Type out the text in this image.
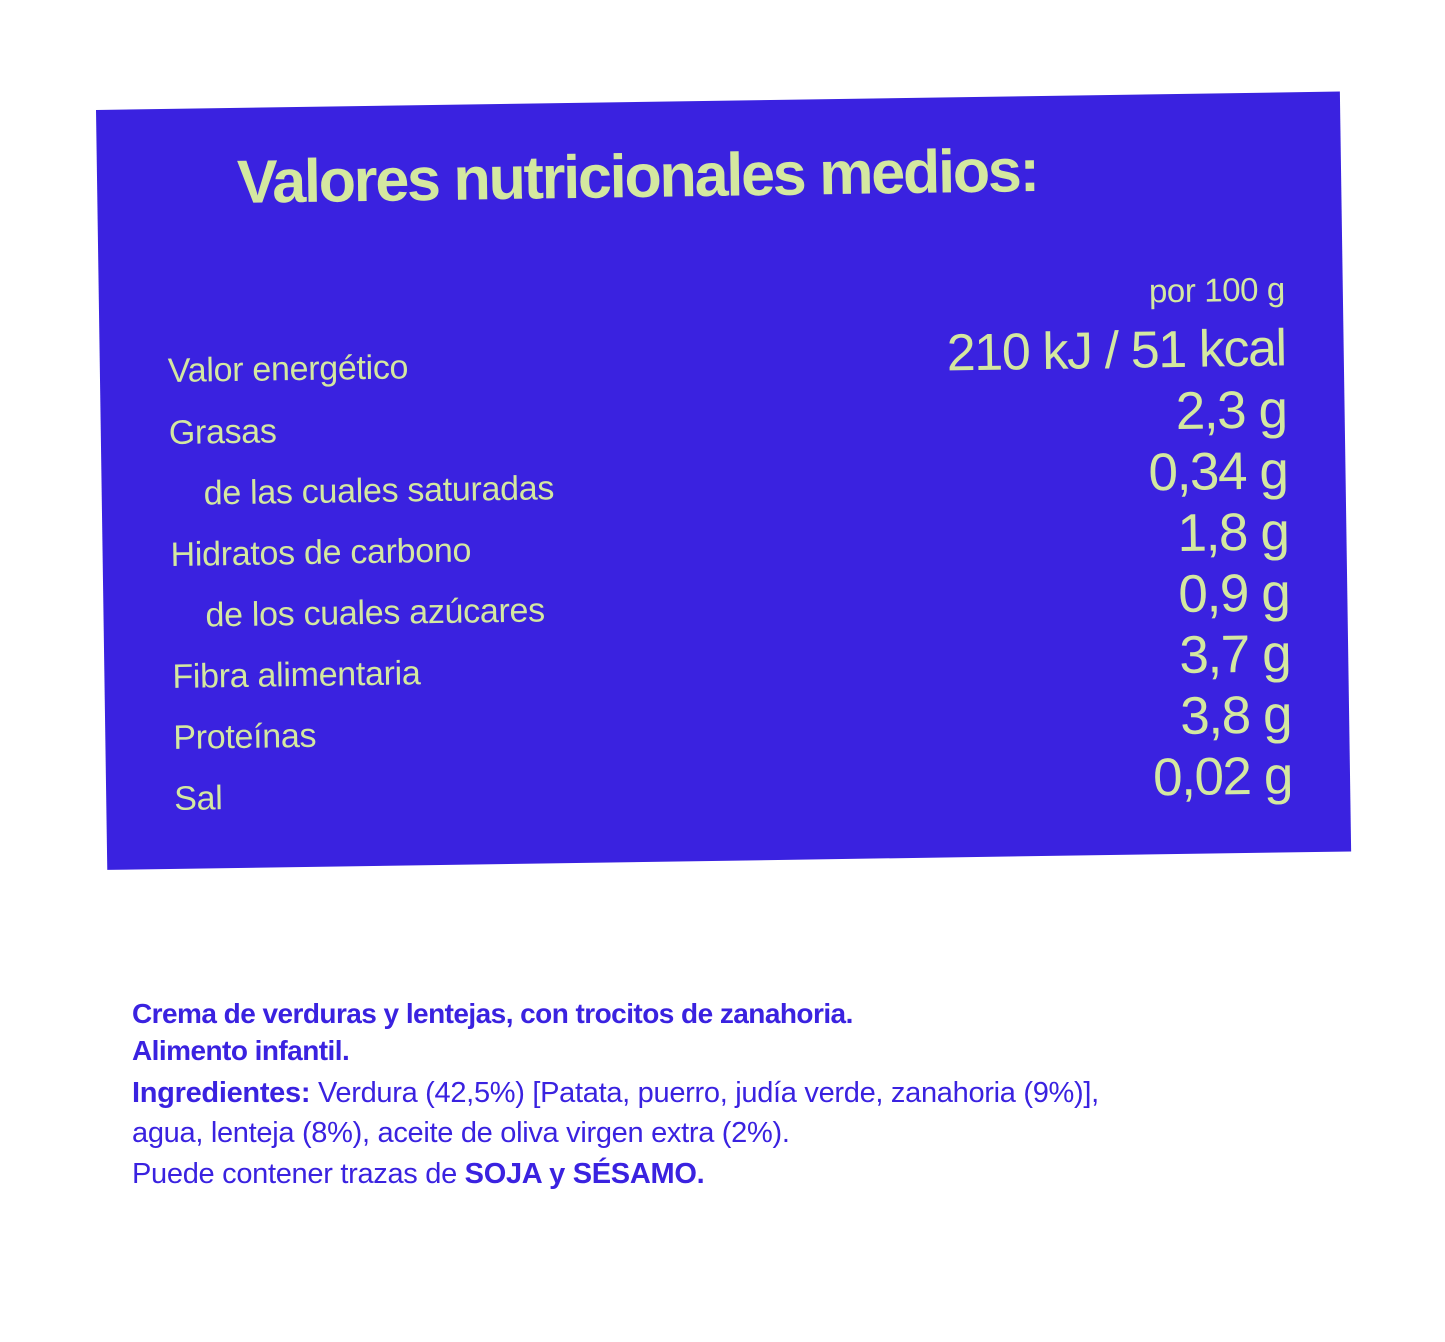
Valores nutricionales medios:
por 100 g
Valor energético	210 kJ / 51 kcal
Grasas	2,3 g
de las cuales saturadas	0,34 g
Hidratos de carbono	1,8 g
de los cuales azúcares	0,9 g
Fibra alimentaria	3,7 g
Proteínas	3,8 g
Sal	0,02 g
Crema de verduras y lentejas, con trocitos de zanahoria.
Alimento infantil.
Ingredientes: Verdura (42,5%) [Patata, puerro, judía verde, zanahoria (9%)],
agua, lenteja (8%), aceite de oliva virgen extra (2%).
Puede contener trazas de SOJA y SÉSAMO.
